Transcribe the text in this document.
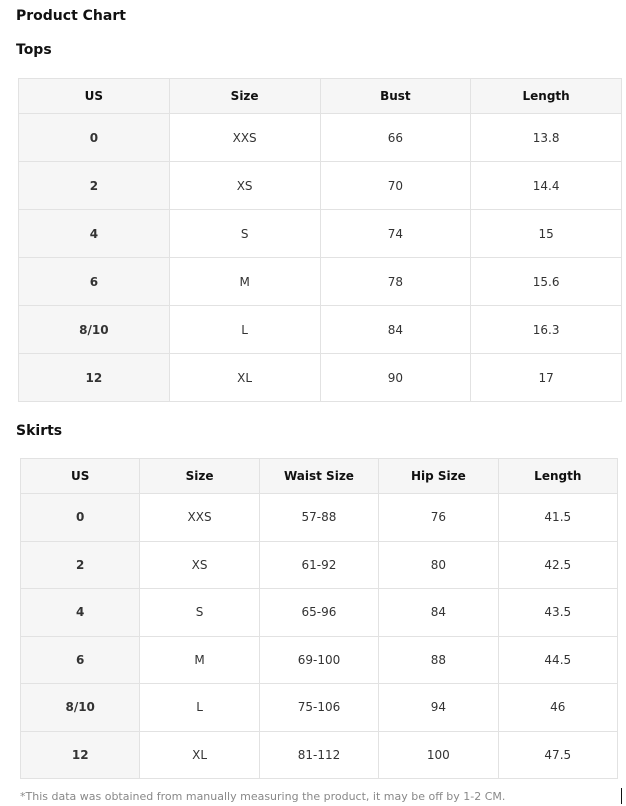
Product Chart
Tops
US	Size	Bust	Length
0	XXS	66	13.8
2	XS	70	14.4
4	S	74	15
6	M	78	15.6
8/10	L	84	16.3
12	XL	90	17
Skirts
US	Size	Waist Size	Hip Size	Length
0	XXS	57-88	76	41.5
2	XS	61-92	80	42.5
4	S	65-96	84	43.5
6	M	69-100	88	44.5
8/10	L	75-106	94	46
12	XL	81-112	100	47.5

*This data was obtained from manually measuring the product, it may be off by 1-2 CM.
